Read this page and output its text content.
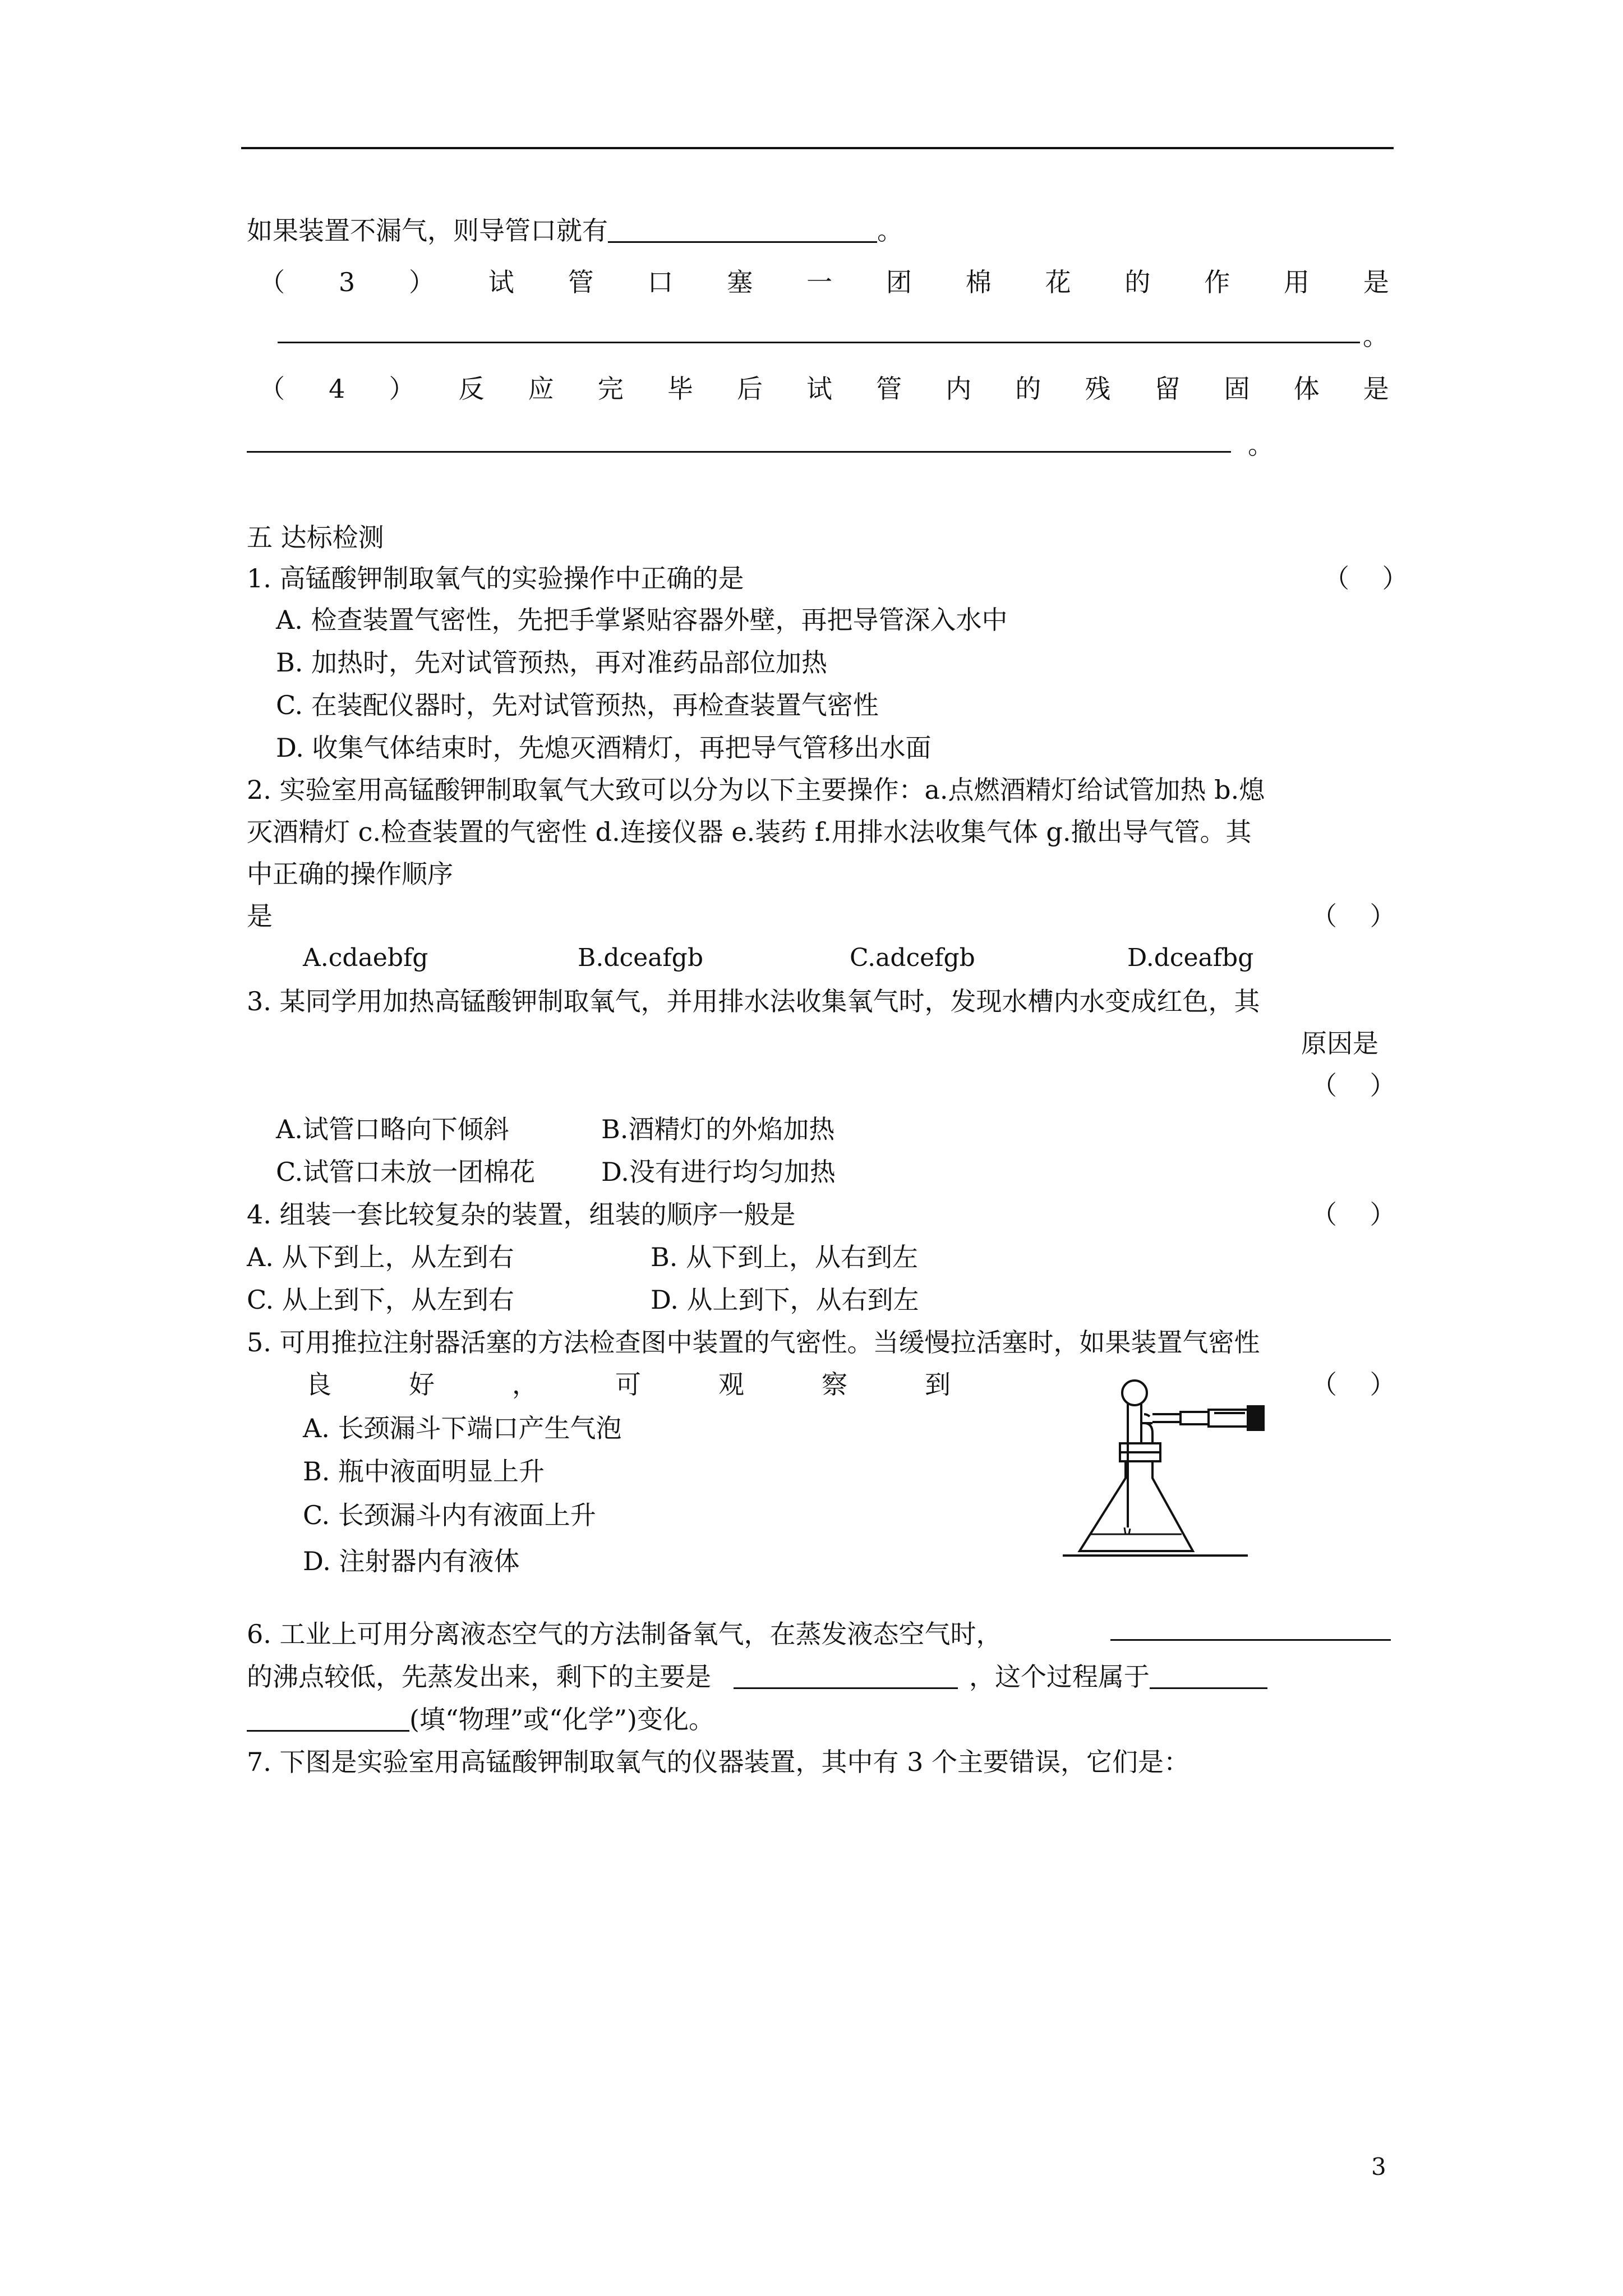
如果装置不漏气，则导管口就有	。
（ 3 ） 试 管 口 塞 一 团 棉 花 的 作 用 是
。
（ 4 ） 反 应 完 毕 后 试 管 内 的 残 留 固 体 是
。
五 达标检测
1. 高锰酸钾制取氧气的实验操作中正确的是	（    ）
A. 检查装置气密性，先把手掌紧贴容器外壁，再把导管深入水中
B. 加热时，先对试管预热，再对准药品部位加热
C. 在装配仪器时，先对试管预热，再检查装置气密性
D. 收集气体结束时，先熄灭酒精灯，再把导气管移出水面
2. 实验室用高锰酸钾制取氧气大致可以分为以下主要操作：a.点燃酒精灯给试管加热 b.熄
灭酒精灯 c.检查装置的气密性 d.连接仪器 e.装药 f.用排水法收集气体 g.撤出导气管。其
中正确的操作顺序
是	（    ）
A.cdaebfg	B.dceafgb	C.adcefgb	D.dceafbg
3. 某同学用加热高锰酸钾制取氧气，并用排水法收集氧气时，发现水槽内水变成红色，其
原因是
（    ）
A.试管口略向下倾斜	B.酒精灯的外焰加热
C.试管口未放一团棉花	D.没有进行均匀加热
4. 组装一套比较复杂的装置，组装的顺序一般是	（    ）
A. 从下到上，从左到右	B. 从下到上，从右到左
C. 从上到下，从左到右	D. 从上到下，从右到左
5. 可用推拉注射器活塞的方法检查图中装置的气密性。当缓慢拉活塞时，如果装置气密性
良	好	，	可	观	察	到	（    ）
A. 长颈漏斗下端口产生气泡
B. 瓶中液面明显上升
C. 长颈漏斗内有液面上升
D. 注射器内有液体
6. 工业上可用分离液态空气的方法制备氧气，在蒸发液态空气时，
的沸点较低，先蒸发出来，剩下的主要是	，这个过程属于
(填“物理”或“化学”)变化。
7. 下图是实验室用高锰酸钾制取氧气的仪器装置，其中有 3 个主要错误，它们是：
3
